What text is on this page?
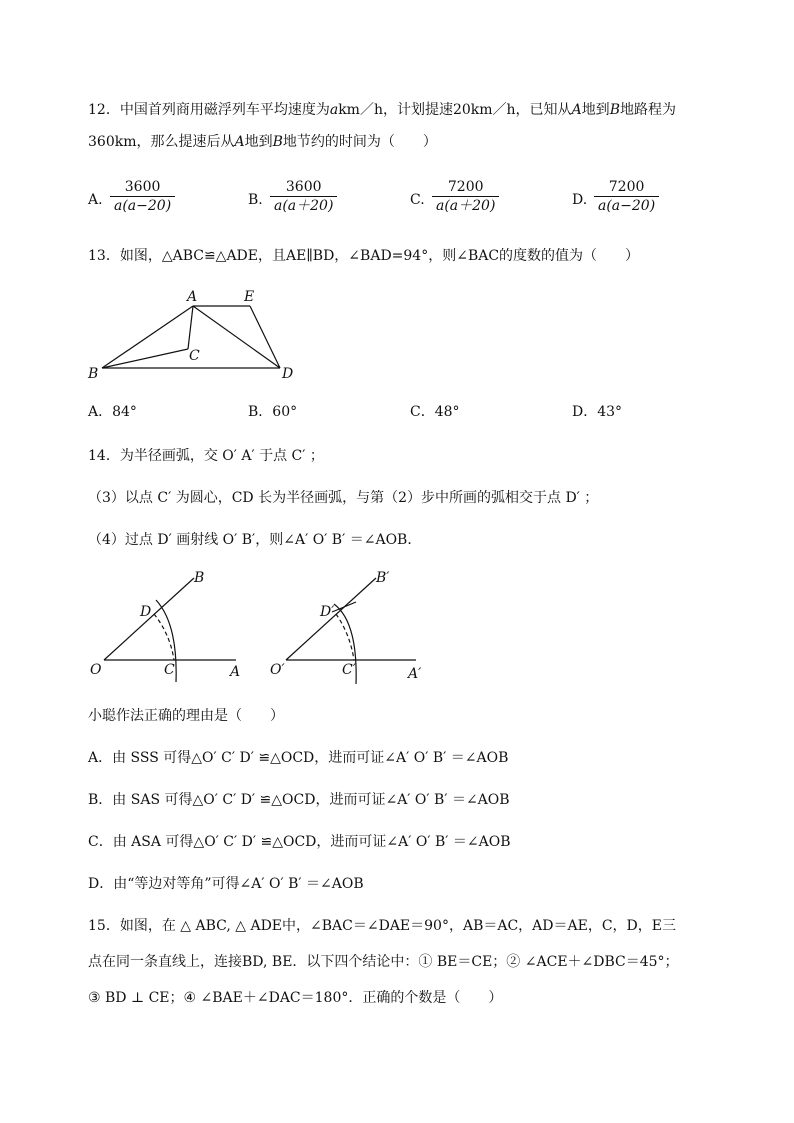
12．中国首列商用磁浮列车平均速度为akm／h，计划提速20km／h，已知从A地到B地路程为
360km，那么提速后从A地到B地节约的时间为（　　）
A. $\frac{3600}{a(a-20)}$	B. $\frac{3600}{a(a+20)}$	C. $\frac{7200}{a(a+20)}$	D. $\frac{7200}{a(a-20)}$
13．如图，△ABC≌△ADE，且AE∥BD，∠BAD=94°，则∠BAC的度数的值为（　　）
A	E
B
C
D
A．84°	B．60°	C．48°	D．43°
14．为半径画弧，交 O′ A′ 于点 C′ ；
（3）以点 C′ 为圆心，CD 长为半径画弧，与第（2）步中所画的弧相交于点 D′ ；
（4）过点 D′ 画射线 O′ B′，则∠A′ O′ B′ ＝∠AOB．
B
D
O	C	A
B′
D′
O′	C′	A′
小聪作法正确的理由是（　　）
A．由 SSS 可得△O′ C′ D′ ≌△OCD，进而可证∠A′ O′ B′ ＝∠AOB
B．由 SAS 可得△O′ C′ D′ ≌△OCD，进而可证∠A′ O′ B′ ＝∠AOB
C．由 ASA 可得△O′ C′ D′ ≌△OCD，进而可证∠A′ O′ B′ ＝∠AOB
D．由“等边对等角”可得∠A′ O′ B′ ＝∠AOB
15．如图，在 △ ABC, △ ADE中，∠BAC＝∠DAE＝90°，AB＝AC，AD＝AE，C，D，E三
点在同一条直线上，连接BD, BE．以下四个结论中：① BE＝CE；② ∠ACE＋∠DBC＝45°；
③ BD ⊥ CE；④ ∠BAE＋∠DAC＝180°．正确的个数是（　　）
